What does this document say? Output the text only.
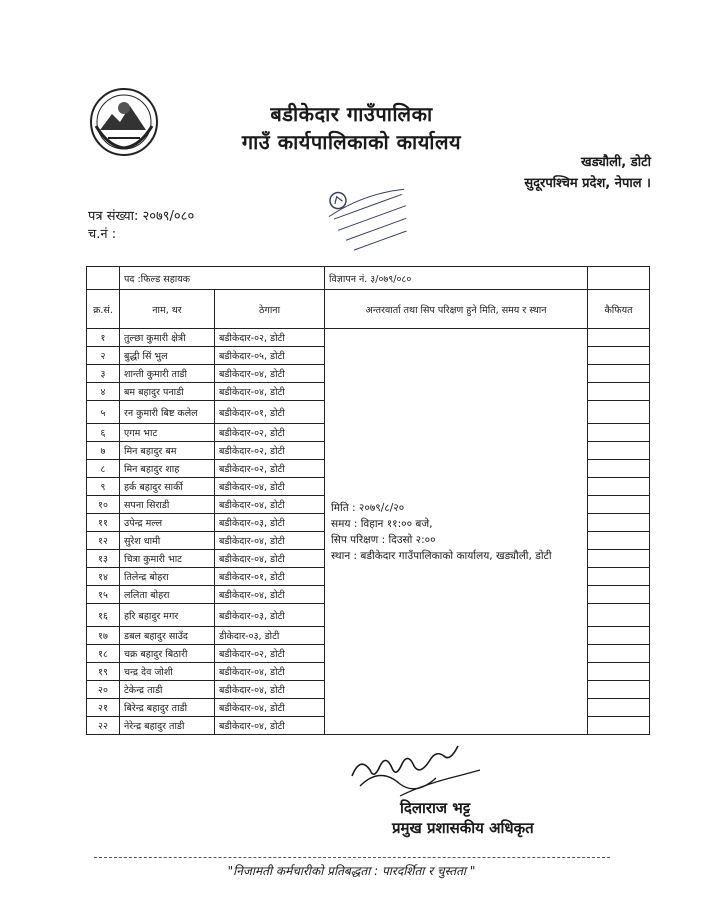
बडीकेदार गाउँपालिका
गाउँ कार्यपालिकाको कार्यालय
खड्यौली, डोटी
सुदूरपश्चिम प्रदेश, नेपाल ।
पत्र संख्या: २०७९/०८०
च.नं :
	पद :फिल्ड सहायक		विज्ञापन नं. ३/०७९/०८०	
क्र.सं.	नाम, थर	ठेगाना	अन्तरवार्ता तथा सिप परिक्षण हुने मिति, समय र स्थान	कैफियत
१	तुल्छा कुमारी क्षेत्री	बडीकेदार-०२, डोटी	मिति : २०७९/८/२०
समय : विहान ११:०० बजे,
सिप परिक्षण : दिउसो २:००
स्थान : बडीकेदार गाउँपालिकाको कार्यालय, खड्यौली, डोटी	

२	बुद्धी सिं भुल	बडीकेदार-०५, डोटी		
३	शान्ती कुमारी ताडी	बडीकेदार-०४, डोटी		
४	बम बहादुर पनाडी	बडीकेदार-०४, डोटी		
५	रन कुमारी बिष्ट कलेल	बडीकेदार-०१, डोटी		
६	एगम भाट	बडीकेदार-०२, डोटी		
७	मिन बहादुर बम	बडीकेदार-०२, डोटी		
८	मिन बहादुर शाह	बडीकेदार-०२, डोटी		
९	हर्क बहादुर सार्की	बडीकेदार-०४, डोटी		
१०	सपना सिराडी	बडीकेदार-०४, डोटी		
११	उपेन्द्र मल्ल	बडीकेदार-०३, डोटी		
१२	सुरेश धामी	बडीकेदार-०४, डोटी		
१३	चित्रा कुमारी भाट	बडीकेदार-०४, डोटी		
१४	तिलेन्द्र बोहरा	बडीकेदार-०१, डोटी		
१५	ललिता बोहरा	बडीकेदार-०४, डोटी		
१६	हरि बहादुर मगर	बडीकेदार-०३, डोटी		
१७	डबल बहादुर साउँद	डीकेदार-०३, डोटी		
१८	चक्र बहादुर बिठारी	बडीकेदार-०२, डोटी		
१९	चन्द्र देव जोशी	बडीकेदार-०४, डोटी		
२०	टेकेन्द्र ताडी	बडीकेदार-०४, डोटी		
२१	बिरेन्द्र बहादुर ताडी	बडीकेदार-०४, डोटी		
२२	नेरेन्द्र बहादुर ताडी	बडीकेदार-०४, डोटी		
दिलाराज भट्ट
प्रमुख प्रशासकीय अधिकृत
"निजामती कर्मचारीको प्रतिबद्धता : पारदर्शिता र चुस्तता "
